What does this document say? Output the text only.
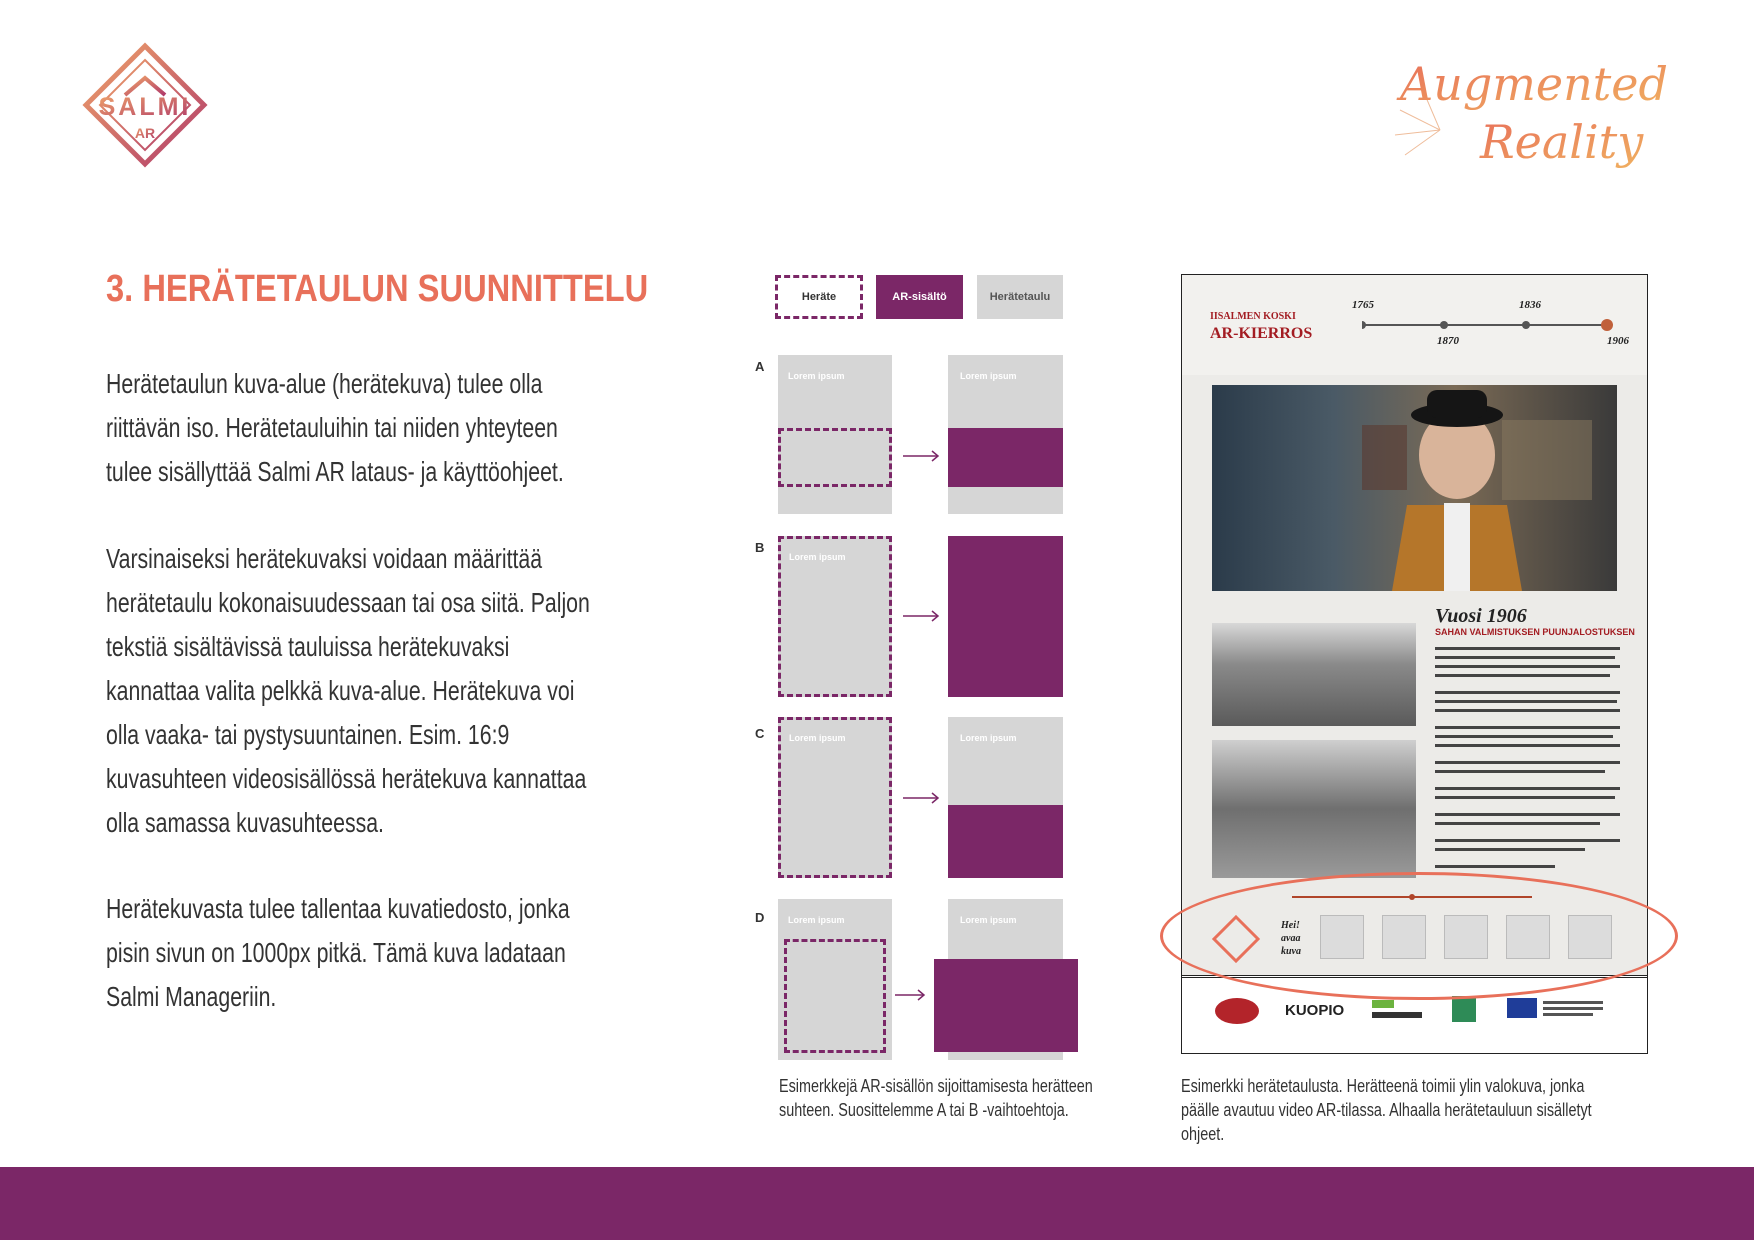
SALMI
AR
Augmented
Reality
3. HERÄTETAULUN SUUNNITTELU

Herätetaulun kuva-alue (herätekuva) tulee olla riittävän iso. Herätetauluihin tai niiden yhteyteen tulee sisällyttää Salmi AR lataus- ja käyttöohjeet.

Varsinaiseksi herätekuvaksi voidaan määrittää herätetaulu kokonaisuudessaan tai osa siitä. Paljon tekstiä sisältävissä tauluissa herätekuvaksi kannattaa valita pelkkä kuva-alue. Herätekuva voi olla vaaka- tai pystysuuntainen. Esim. 16:9 kuvasuhteen videosisällössä herätekuva kannattaa olla samassa kuvasuhteessa.

Herätekuvasta tulee tallentaa kuvatiedosto, jonka pisin sivun on 1000px pitkä. Tämä kuva ladataan Salmi Manageriin.

Heräte	AR-sisältö	Herätetaulu
A
Lorem ipsum	Lorem ipsum
B
Lorem ipsum
C	Lorem ipsum	Lorem ipsum
D	Lorem ipsum	Lorem ipsum

Esimerkkejä AR-sisällön sijoittamisesta herätteen suhteen. Suosittelemme A tai B -vaihtoehtoja.

IISALMEN KOSKI
AR-KIERROS
1765
1870
1836
1906
Vuosi 1906
SAHAN VALMISTUKSEN PUUNJALOSTUKSEN
Hei!
avaa
kuva
KUOPIO

Esimerkki herätetaulusta. Herätteenä toimii ylin valokuva, jonka päälle avautuu video AR-tilassa. Alhaalla herätetauluun sisälletyt ohjeet.
